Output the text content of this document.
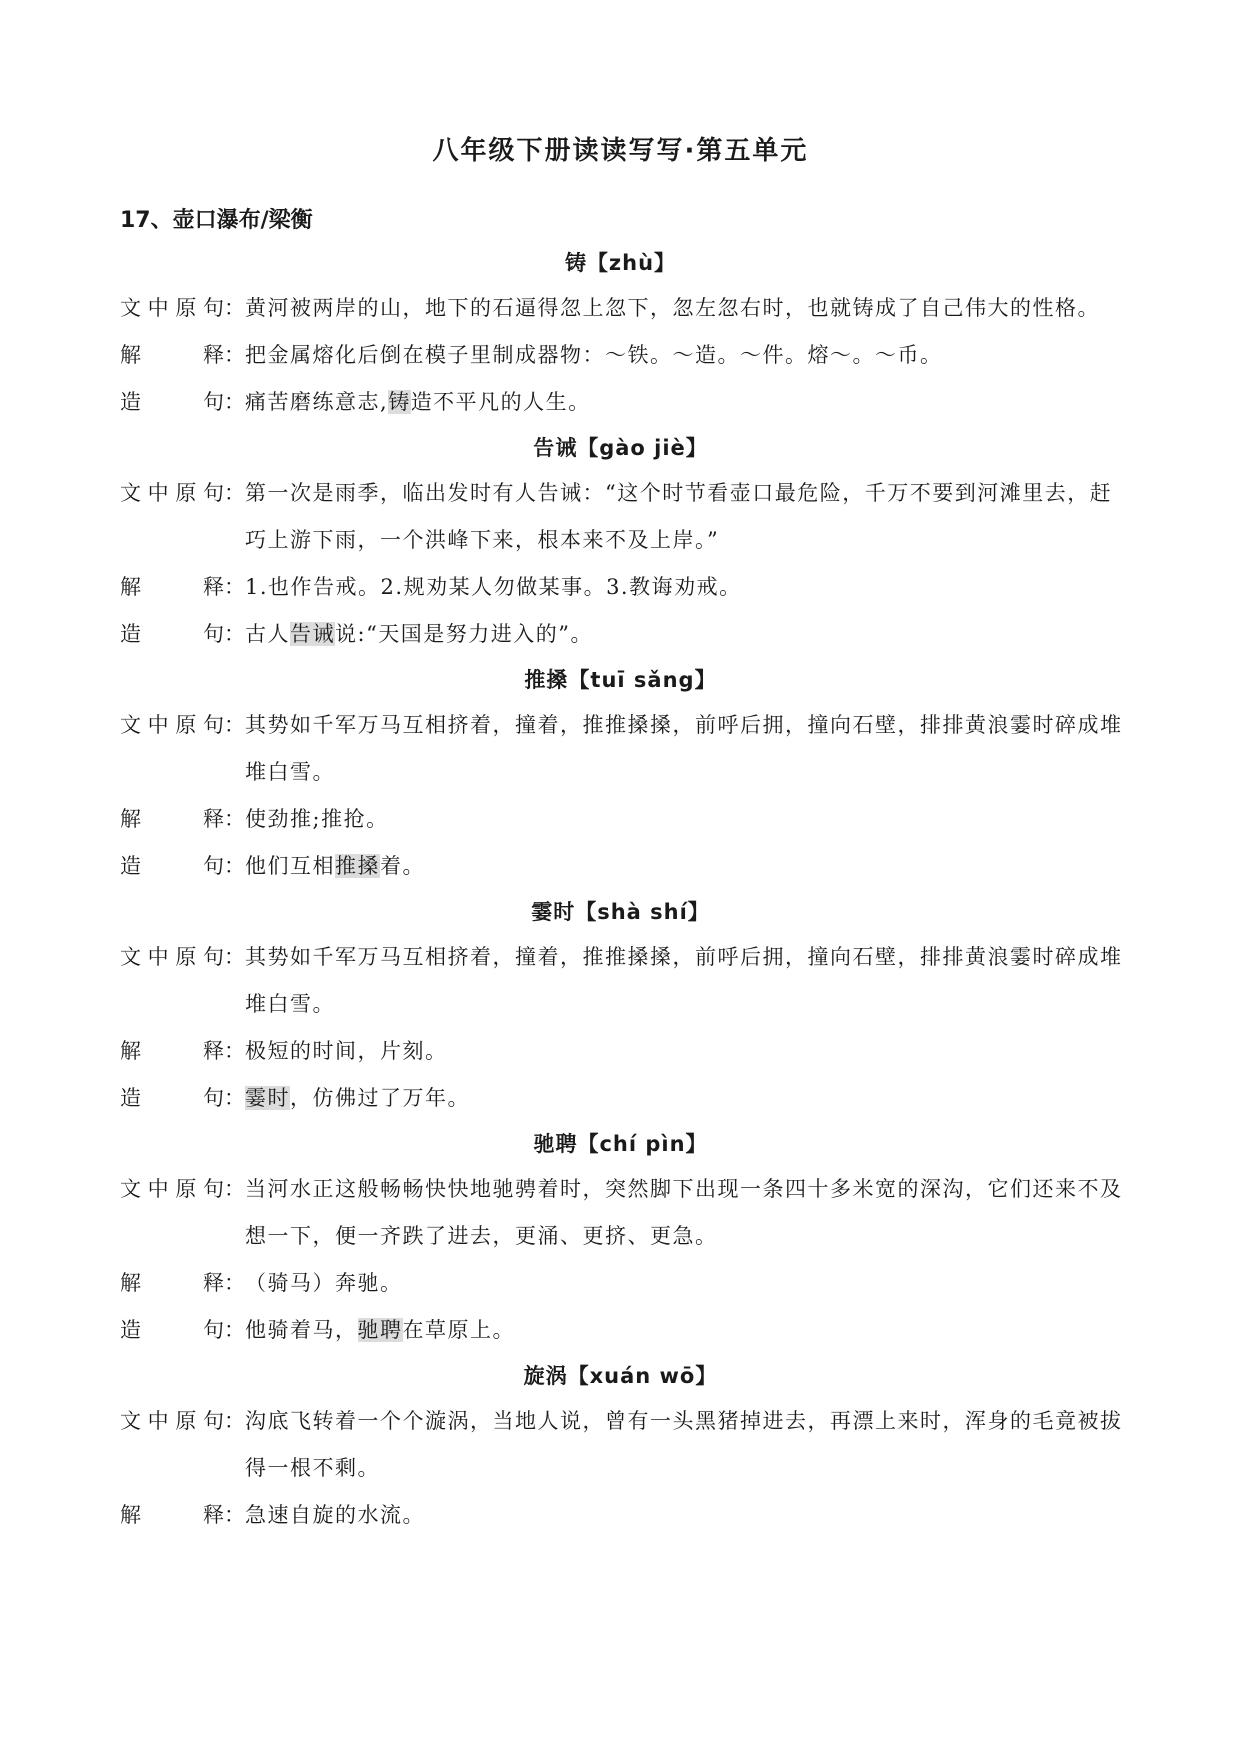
八年级下册读读写写·第五单元
17、壶口瀑布/梁衡
铸【zhù】
文 中 原 句 ： 黄河被两岸的山，地下的石逼得忽上忽下，忽左忽右时，也就铸成了自己伟大的性格。
解	释 ： 把金属熔化后倒在模子里制成器物：～铁。～造。～件。熔～。～币。
造	句 ： 痛苦磨练意志,铸造不平凡的人生。
告诫【gào jiè】
文 中 原 句 ： 第一次是雨季，临出发时有人告诫：“这个时节看壶口最危险，千万不要到河滩里去，赶巧上游下雨，一个洪峰下来，根本来不及上岸。”
解	释 ： 1.也作告戒。2.规劝某人勿做某事。3.教诲劝戒。
造	句 ： 古人告诫说:“天国是努力进入的”。
推搡【tuī sǎng】
文 中 原 句 ： 其势如千军万马互相挤着，撞着，推推搡搡，前呼后拥，撞向石壁，排排黄浪霎时碎成堆堆白雪。
解	释 ： 使劲推;推抢。
造	句 ： 他们互相推搡着。
霎时【shà shí】
文 中 原 句 ： 其势如千军万马互相挤着，撞着，推推搡搡，前呼后拥，撞向石壁，排排黄浪霎时碎成堆堆白雪。
解	释 ： 极短的时间，片刻。
造	句 ： 霎时，仿佛过了万年。
驰聘【chí pìn】
文 中 原 句 ： 当河水正这般畅畅快快地驰骋着时，突然脚下出现一条四十多米宽的深沟，它们还来不及想一下，便一齐跌了进去，更涌、更挤、更急。
解	释 ： （骑马）奔驰。
造	句 ： 他骑着马，驰聘在草原上。
旋涡【xuán wō】
文 中 原 句 ： 沟底飞转着一个个漩涡，当地人说，曾有一头黑猪掉进去，再漂上来时，浑身的毛竟被拔得一根不剩。
解	释 ： 急速自旋的水流。
